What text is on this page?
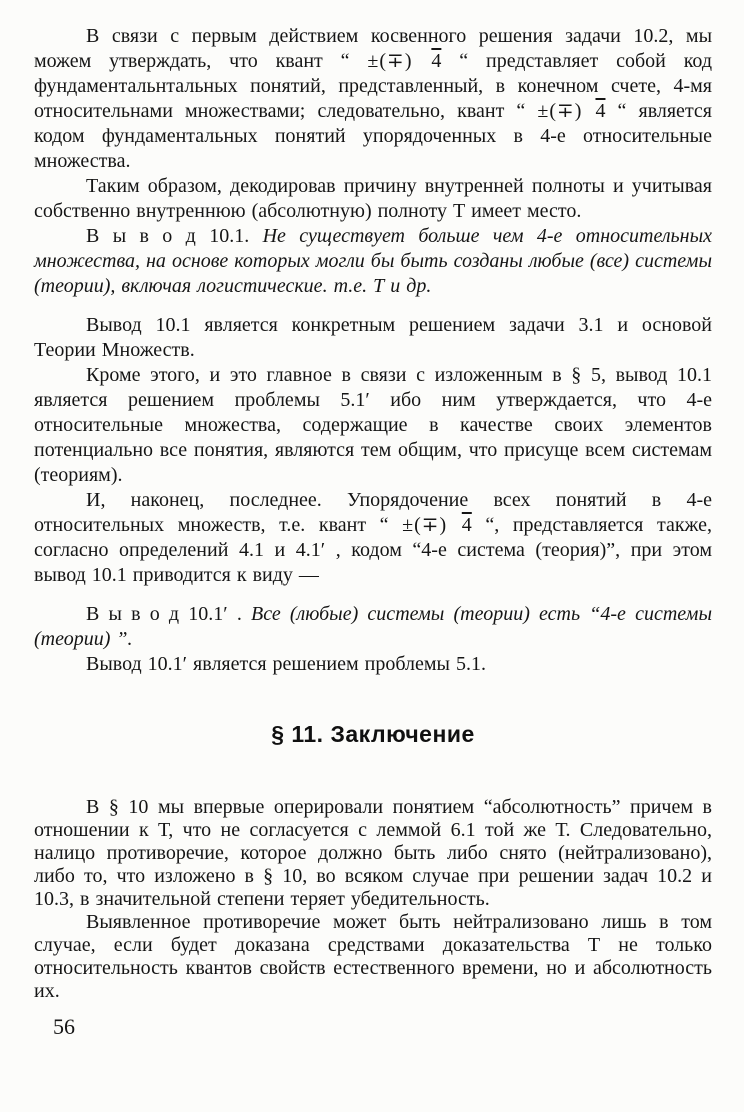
В связи с первым действием косвенного решения задачи 10.2, мы можем утверждать, что квант “ ±(∓) 4 “ представляет собой код фундаментальнтальных понятий, представленный, в конечном счете, 4-мя относительнами множествами; следовательно, квант “ ±(∓) 4 “ является кодом фундаментальных понятий упорядоченных в 4-е относительные множества.

Таким образом, декодировав причину внутренней полноты и учитывая собственно внутреннюю (абсолютную) полноту Т имеет место.

В ы в о д 10.1. Не существует больше чем 4-е относительных множества, на основе которых могли бы быть созданы любые (все) системы (теории), включая логистические. т.е. Т и др.

Вывод 10.1 является конкретным решением задачи 3.1 и основой Теории Множеств.

Кроме этого, и это главное в связи с изложенным в § 5, вывод 10.1 является решением проблемы 5.1′ ибо ним утверждается, что 4-е относительные множества, содержащие в качестве своих элементов потенциально все понятия, являются тем общим, что присуще всем системам (теориям).

И, наконец, последнее. Упорядочение всех понятий в 4-е относительных множеств, т.е. квант “ ±(∓) 4 “, представляется также, согласно определений 4.1 и 4.1′ , кодом “4-е система (теория)”, при этом вывод 10.1 приводится к виду —

В ы в о д 10.1′ . Все (любые) системы (теории) есть “4-е системы (теории) ”.

Вывод 10.1′ является решением проблемы 5.1.

§ 11. Заключение

В § 10 мы впервые оперировали понятием “абсолютность” причем в отношении к Т, что не согласуется с леммой 6.1 той же Т. Следовательно, налицо противоречие, которое должно быть либо снято (нейтрализовано), либо то, что изложено в § 10, во всяком случае при решении задач 10.2 и 10.3, в значительной степени теряет убедительность.

Выявленное противоречие может быть нейтрализовано лишь в том случае, если будет доказана средствами доказательства Т не только относительность квантов свойств естественного времени, но и абсолютность их.

56
